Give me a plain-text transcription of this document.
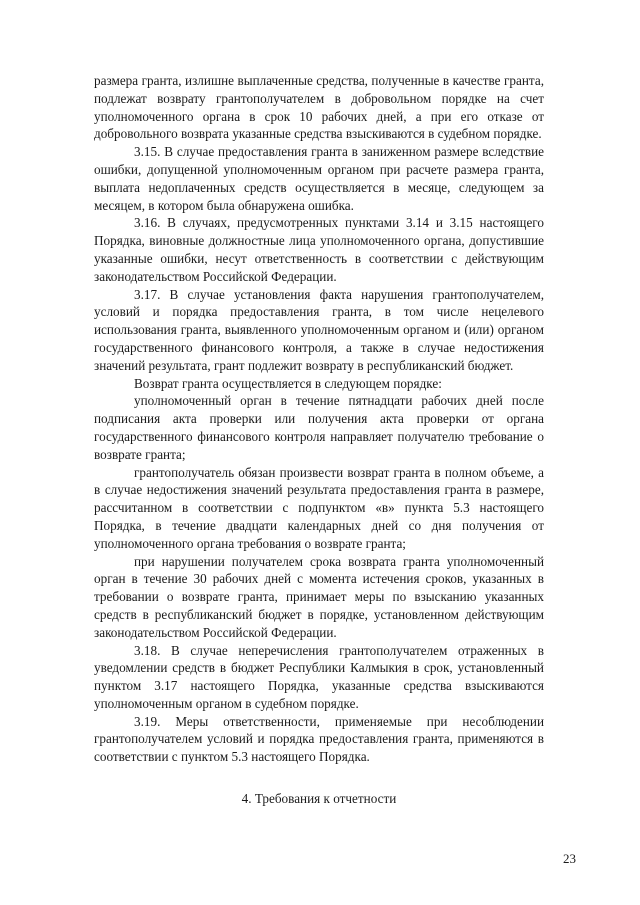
размера гранта, излишне выплаченные средства, полученные в качестве гранта, подлежат возврату грантополучателем в добровольном порядке на счет уполномоченного органа в срок 10 рабочих дней, а при его отказе от добровольного возврата указанные средства взыскиваются в судебном порядке.

3.15. В случае предоставления гранта в заниженном размере вследствие ошибки, допущенной уполномоченным органом при расчете размера гранта, выплата недоплаченных средств осуществляется в месяце, следующем за месяцем, в котором была обнаружена ошибка.

3.16. В случаях, предусмотренных пунктами 3.14 и 3.15 настоящего Порядка, виновные должностные лица уполномоченного органа, допустившие указанные ошибки, несут ответственность в соответствии с действующим законодательством Российской Федерации.

3.17. В случае установления факта нарушения грантополучателем, условий и порядка предоставления гранта, в том числе нецелевого использования гранта, выявленного уполномоченным органом и (или) органом государственного финансового контроля, а также в случае недостижения значений результата, грант подлежит возврату в республиканский бюджет.

Возврат гранта осуществляется в следующем порядке:

уполномоченный орган в течение пятнадцати рабочих дней после подписания акта проверки или получения акта проверки от органа государственного финансового контроля направляет получателю требование о возврате гранта;

грантополучатель обязан произвести возврат гранта в полном объеме, а в случае недостижения значений результата предоставления гранта в размере, рассчитанном в соответствии с подпунктом «в» пункта 5.3 настоящего Порядка, в течение двадцати календарных дней со дня получения от уполномоченного органа требования о возврате гранта;

при нарушении получателем срока возврата гранта уполномоченный орган в течение 30 рабочих дней с момента истечения сроков, указанных в требовании о возврате гранта, принимает меры по взысканию указанных средств в республиканский бюджет в порядке, установленном действующим законодательством Российской Федерации.

3.18. В случае неперечисления грантополучателем отраженных в уведомлении средств в бюджет Республики Калмыкия в срок, установленный пунктом 3.17 настоящего Порядка, указанные средства взыскиваются уполномоченным органом в судебном порядке.

3.19. Меры ответственности, применяемые при несоблюдении грантополучателем условий и порядка предоставления гранта, применяются в соответствии с пунктом 5.3 настоящего Порядка.

4. Требования к отчетности

23
